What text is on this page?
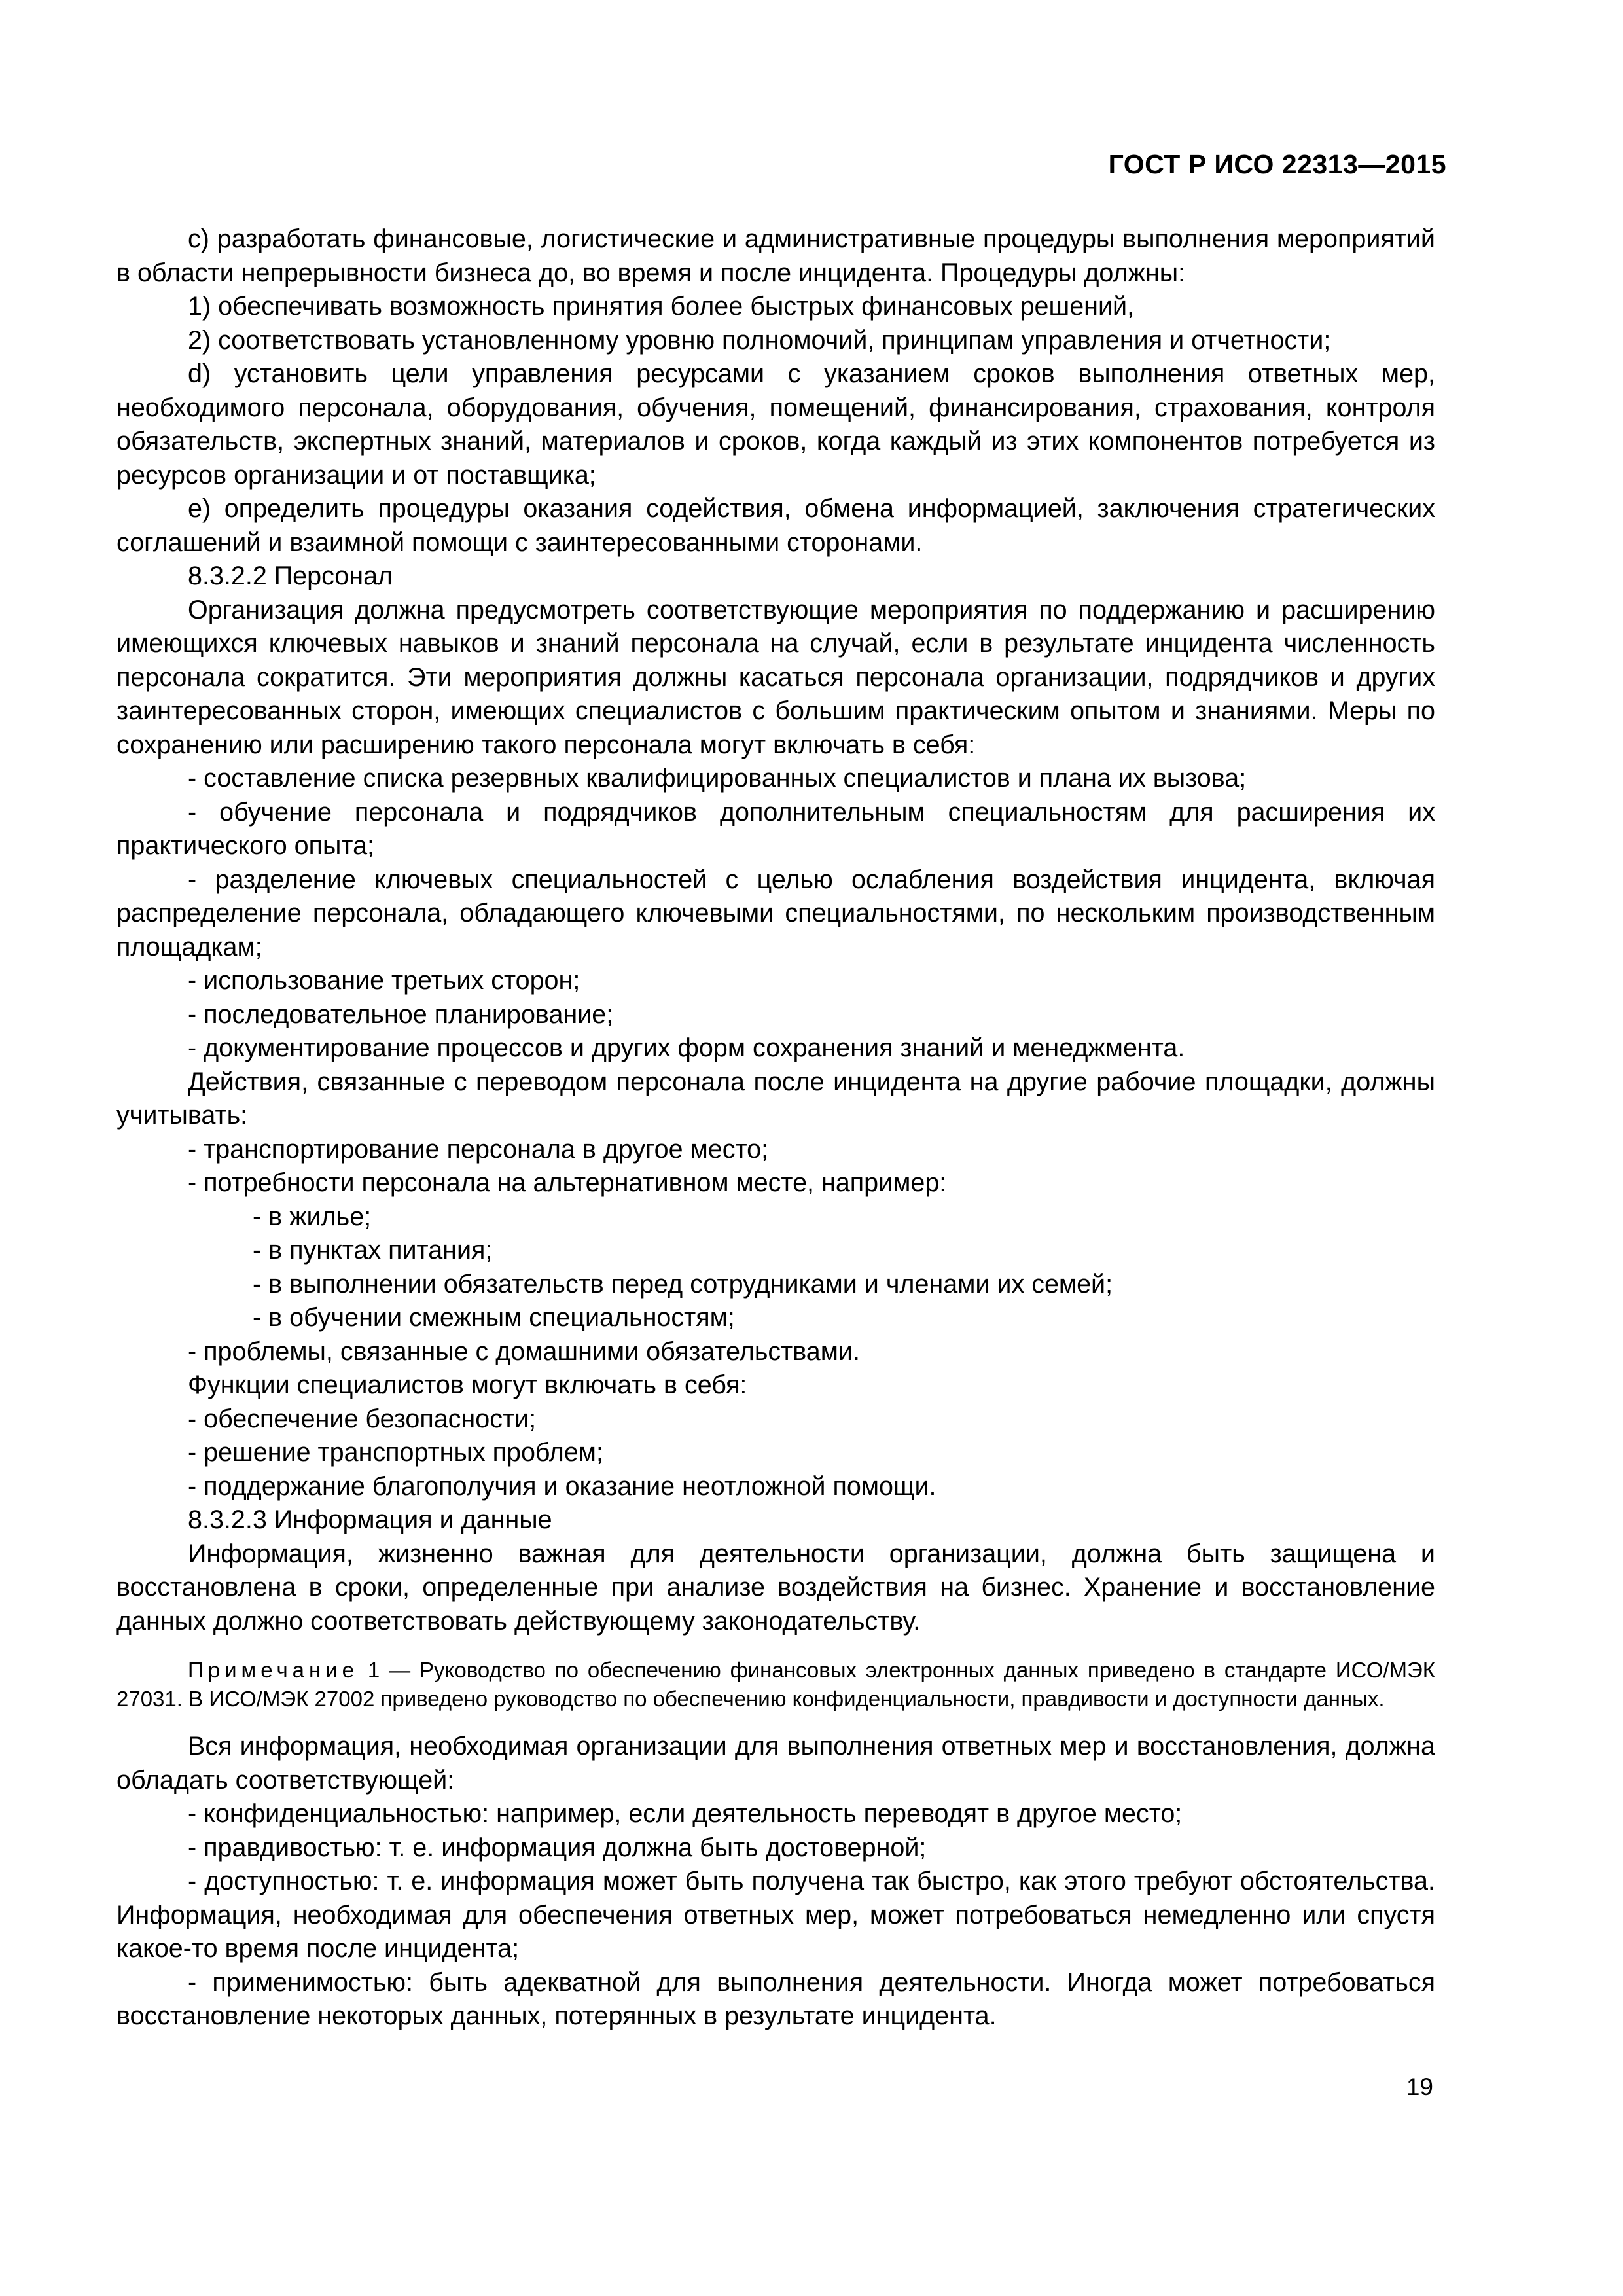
ГОСТ Р ИСО 22313—2015

c) разработать финансовые, логистические и административные процедуры выполнения мероприятий в области непрерывности бизнеса до, во время и после инцидента. Процедуры должны:

1) обеспечивать возможность принятия более быстрых финансовых решений,

2) соответствовать установленному уровню полномочий, принципам управления и отчетности;

d) установить цели управления ресурсами с указанием сроков выполнения ответных мер, необходимого персонала, оборудования, обучения, помещений, финансирования, страхования, контроля обязательств, экспертных знаний, материалов и сроков, когда каждый из этих компонентов потребуется из ресурсов организации и от поставщика;

e) определить процедуры оказания содействия, обмена информацией, заключения стратегических соглашений и взаимной помощи с заинтересованными сторонами.

8.3.2.2 Персонал

Организация должна предусмотреть соответствующие мероприятия по поддержанию и расширению имеющихся ключевых навыков и знаний персонала на случай, если в результате инцидента численность персонала сократится. Эти мероприятия должны касаться персонала организации, подрядчиков и других заинтересованных сторон, имеющих специалистов с большим практическим опытом и знаниями. Меры по сохранению или расширению такого персонала могут включать в себя:

- составление списка резервных квалифицированных специалистов и плана их вызова;

- обучение персонала и подрядчиков дополнительным специальностям для расширения их практического опыта;

- разделение ключевых специальностей с целью ослабления воздействия инцидента, включая распределение персонала, обладающего ключевыми специальностями, по нескольким производственным площадкам;

- использование третьих сторон;

- последовательное планирование;

- документирование процессов и других форм сохранения знаний и менеджмента.

Действия, связанные с переводом персонала после инцидента на другие рабочие площадки, должны учитывать:

- транспортирование персонала в другое место;

- потребности персонала на альтернативном месте, например:

- в жилье;

- в пунктах питания;

- в выполнении обязательств перед сотрудниками и членами их семей;

- в обучении смежным специальностям;

- проблемы, связанные с домашними обязательствами.

Функции специалистов могут включать в себя:

- обеспечение безопасности;

- решение транспортных проблем;

- поддержание благополучия и оказание неотложной помощи.

8.3.2.3 Информация и данные

Информация, жизненно важная для деятельности организации, должна быть защищена и восстановлена в сроки, определенные при анализе воздействия на бизнес. Хранение и восстановление данных должно соответствовать действующему законодательству.

Примечание 1 — Руководство по обеспечению финансовых электронных данных приведено в стандарте ИСО/МЭК 27031. В ИСО/МЭК 27002 приведено руководство по обеспечению конфиденциальности, правдивости и доступности данных.

Вся информация, необходимая организации для выполнения ответных мер и восстановления, должна обладать соответствующей:

- конфиденциальностью: например, если деятельность переводят в другое место;

- правдивостью: т. е. информация должна быть достоверной;

- доступностью: т. е. информация может быть получена так быстро, как этого требуют обстоятельства. Информация, необходимая для обеспечения ответных мер, может потребоваться немедленно или спустя какое-то время после инцидента;

- применимостью: быть адекватной для выполнения деятельности. Иногда может потребоваться восстановление некоторых данных, потерянных в результате инцидента.

19
